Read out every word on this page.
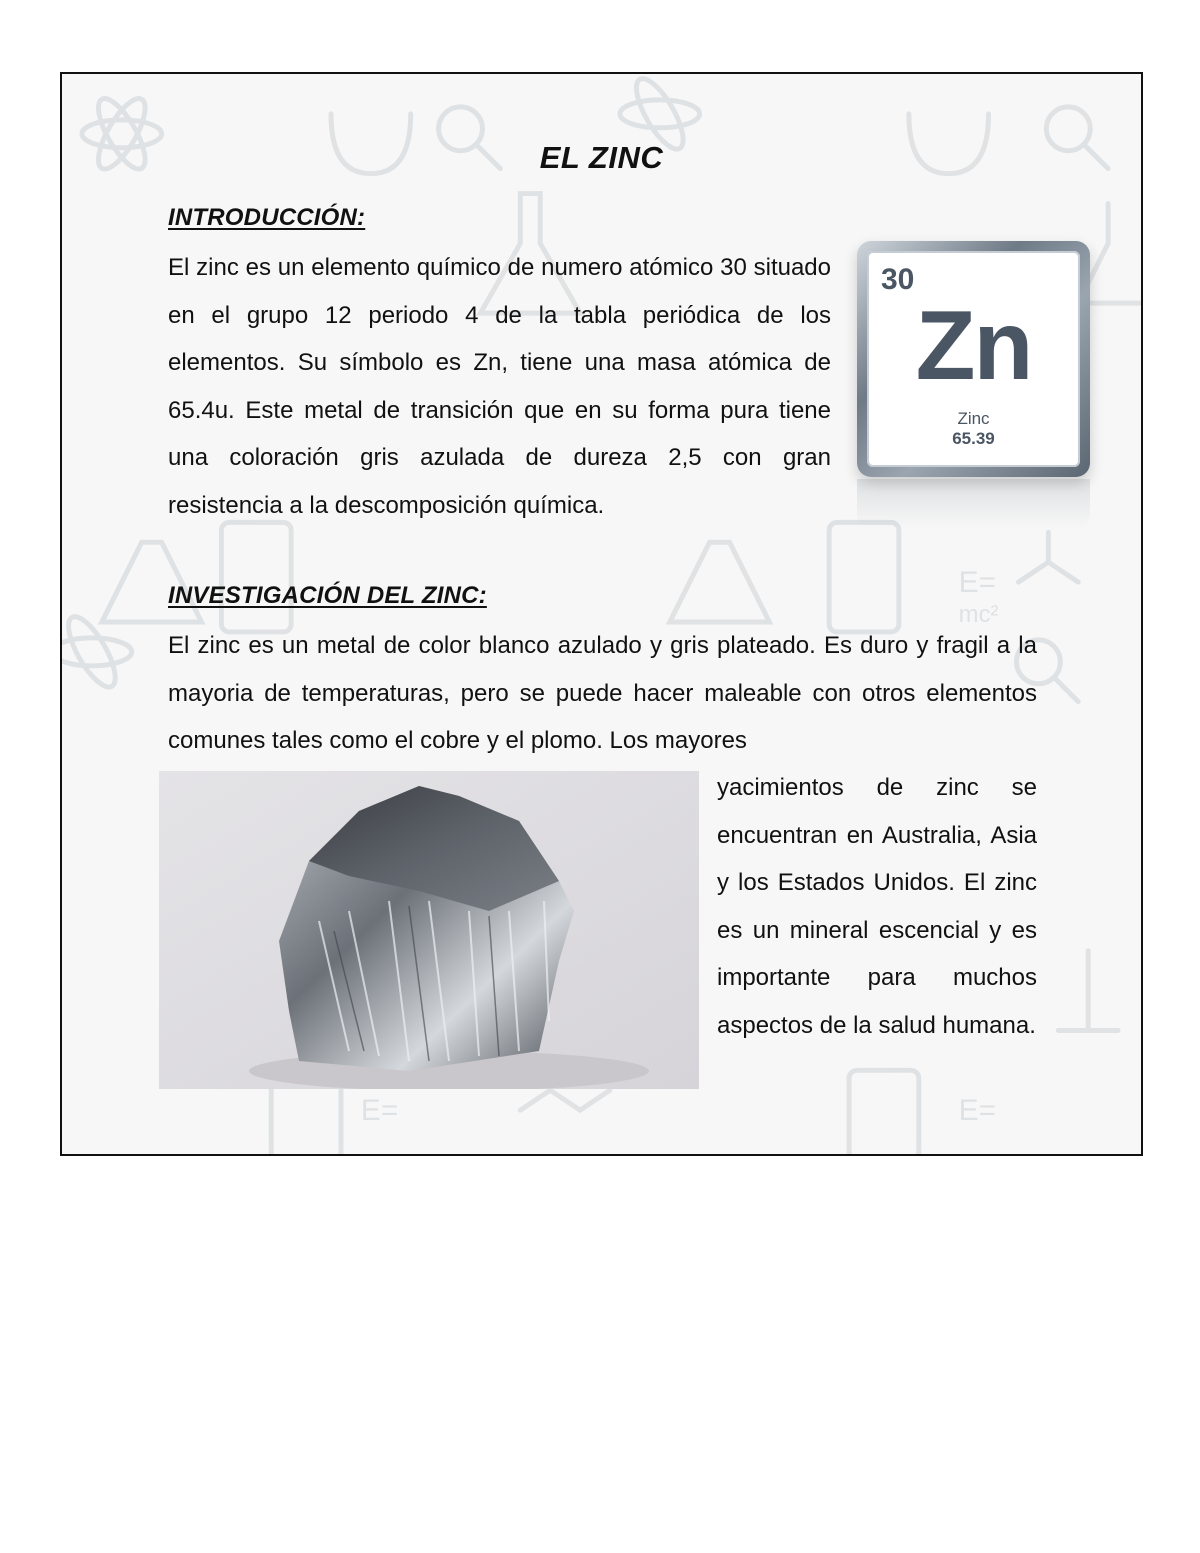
E=
mc²
E=	E=
EL ZINC
INTRODUCCIÓN:
El zinc es un elemento químico de numero atómico 30 situado en el grupo 12 periodo 4 de la tabla periódica de los elementos. Su símbolo es Zn, tiene una masa atómica de 65.4u. Este metal de transición que en su forma pura tiene una coloración gris azulada de dureza 2,5 con gran resistencia a la descomposición química.
30
Zn
Zinc
65.39
INVESTIGACIÓN DEL ZINC:
El zinc es un metal de color blanco azulado y gris plateado. Es duro y fragil a la mayoria de temperaturas, pero se puede hacer maleable con otros elementos comunes tales como el cobre y el plomo. Los mayores
yacimientos de zinc se encuentran en Australia, Asia y los Estados Unidos. El zinc es un mineral escencial y es importante para muchos aspectos de la salud humana.
